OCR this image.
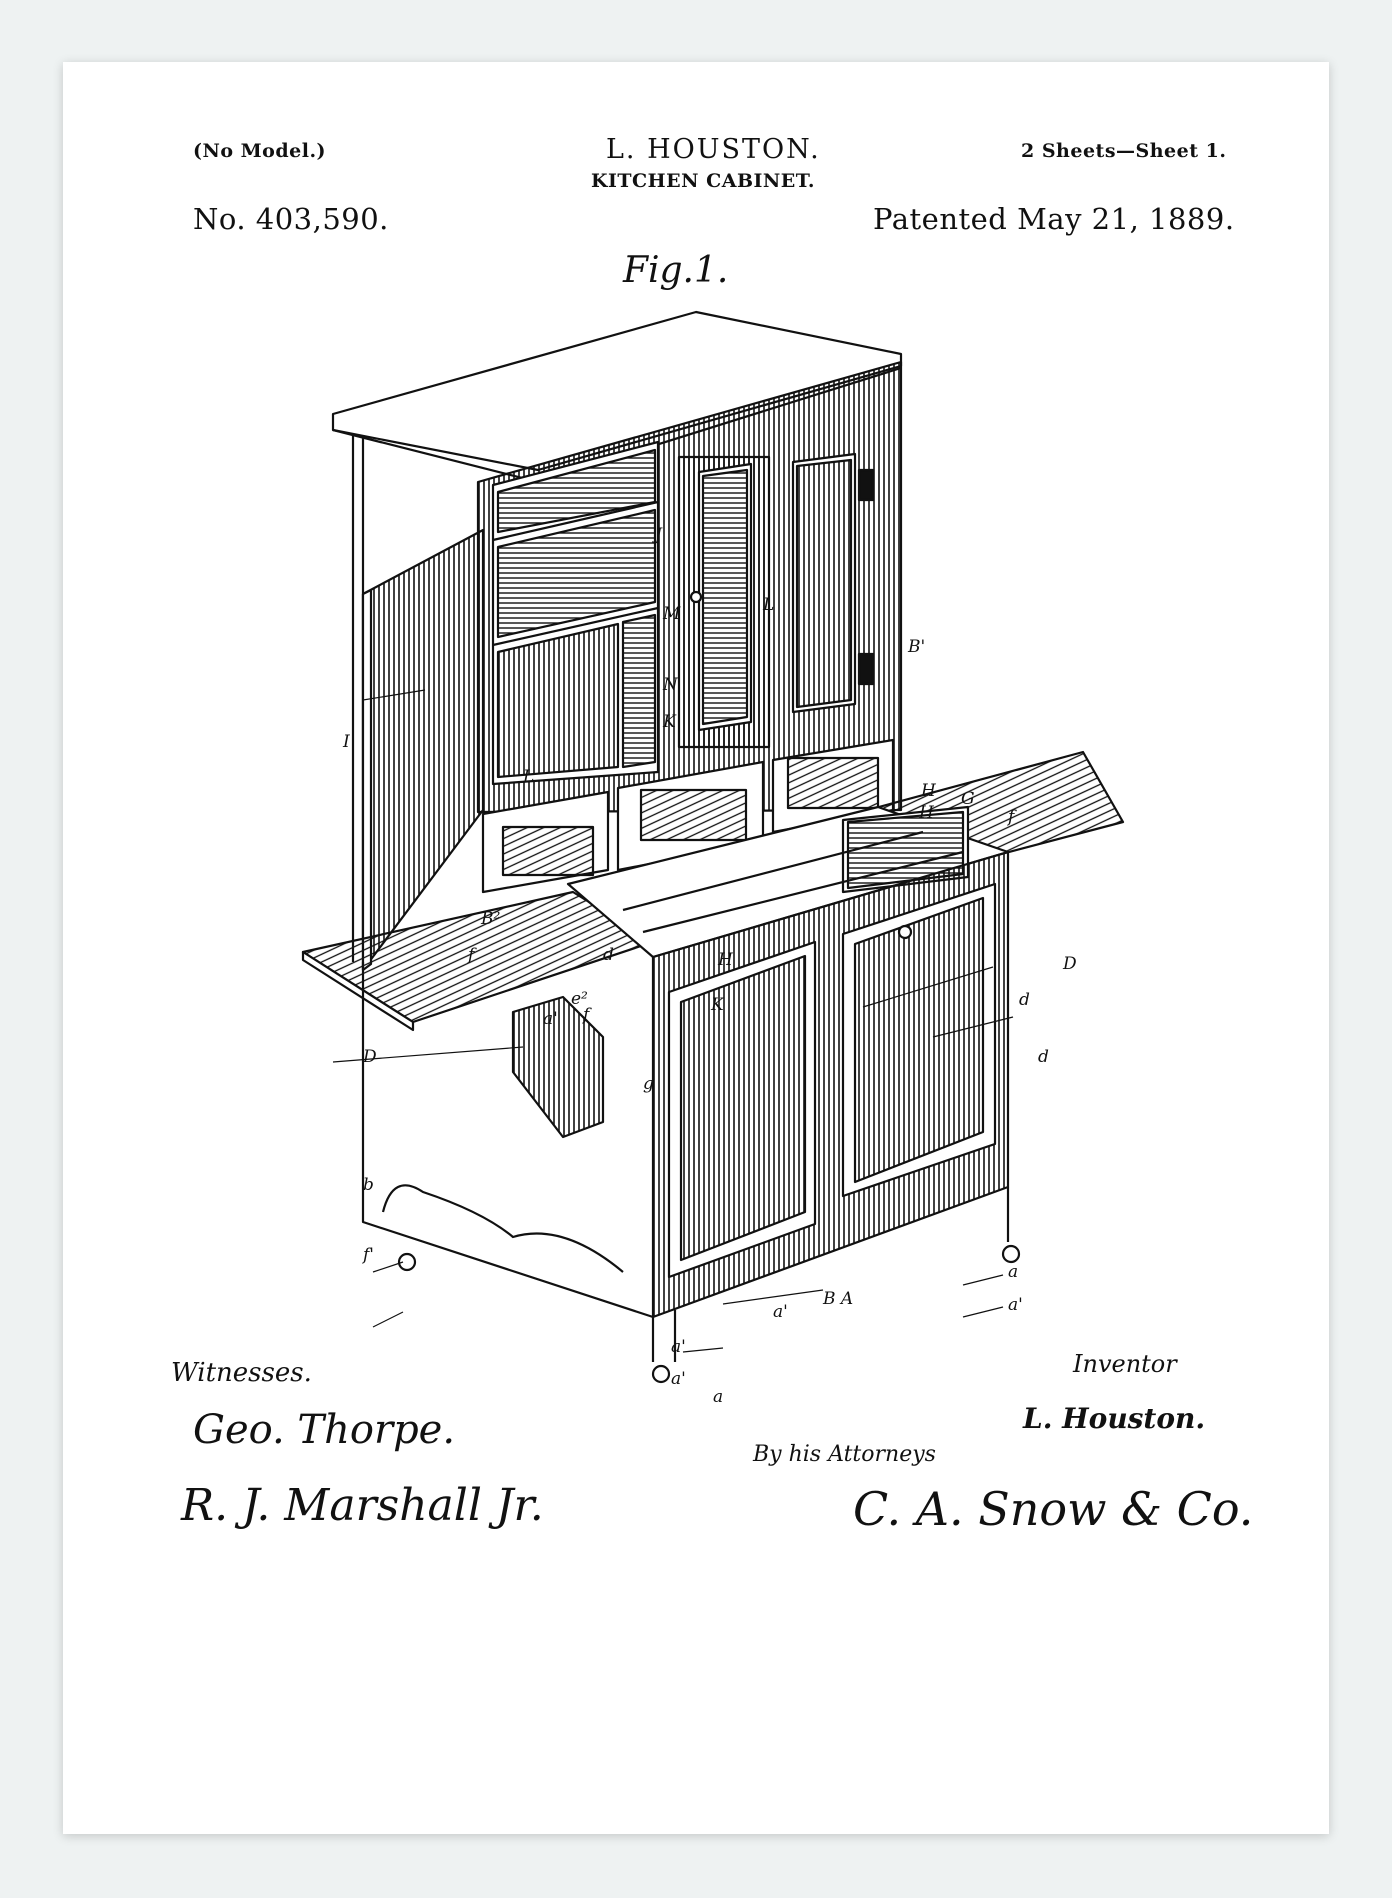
(No Model.)	L. HOUSTON.
KITCHEN CABINET.
2 Sheets—Sheet 1.
No. 403,590.	Patented May 21, 1889.
Fig.1.
J
M
N
K
L
I
L
B'
H
H
G
f
D
B²
f	d	H
K
e²
f
d
D
d
g
b
f'
a'
a'
a
a'
a'
a
a'
B A
Witnesses.
Geo. Thorpe.
R. J. Marshall Jr.
Inventor
L. Houston.
By his Attorneys
C. A. Snow & Co.
